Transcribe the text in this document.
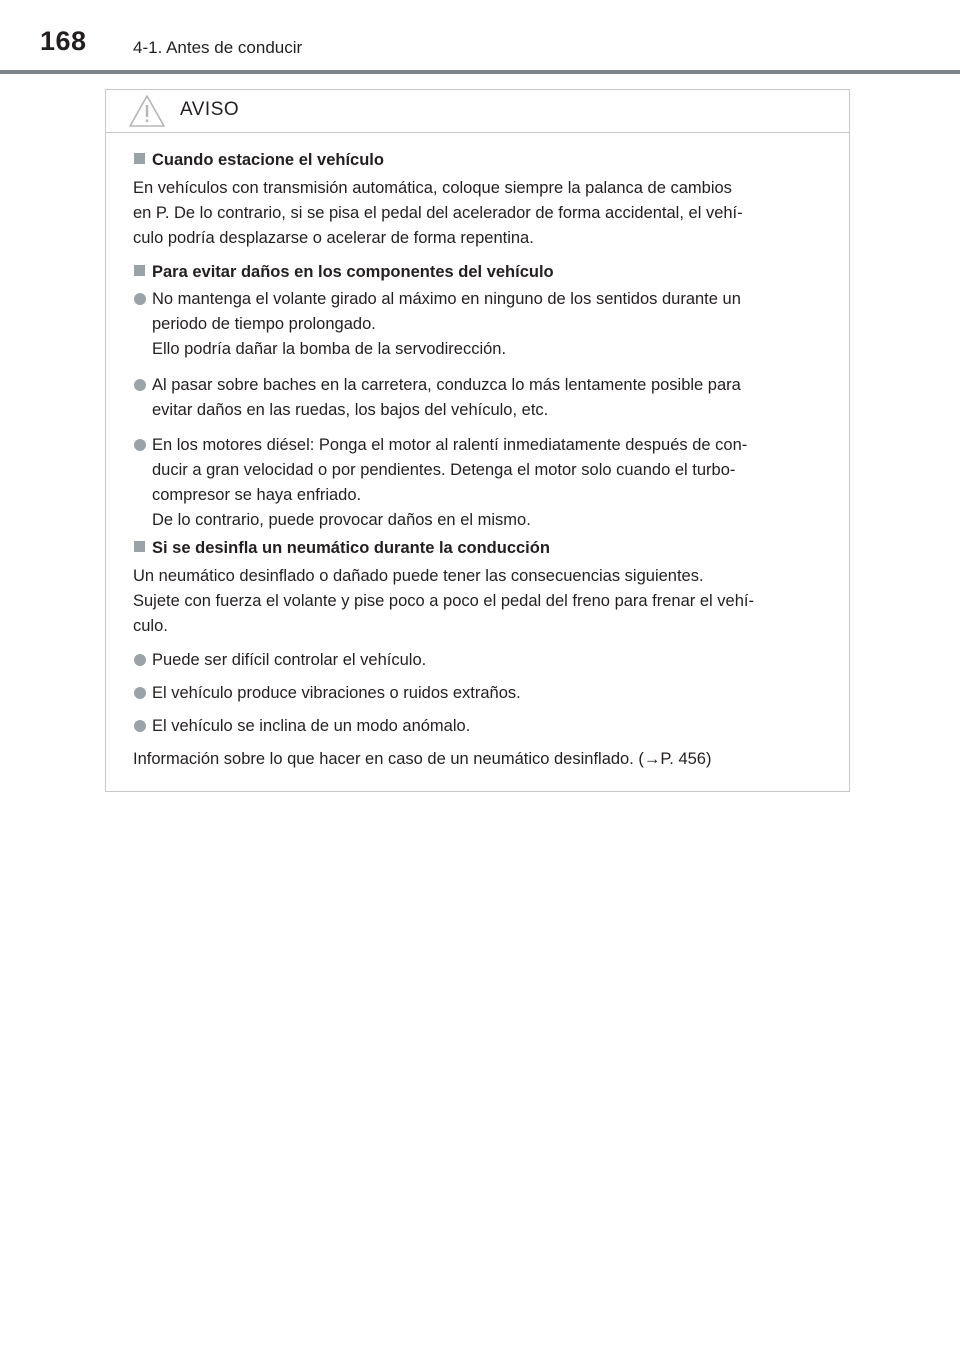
168	4-1. Antes de conducir
AVISO
Cuando estacione el vehículo
En vehículos con transmisión automática, coloque siempre la palanca de cambios
en P. De lo contrario, si se pisa el pedal del acelerador de forma accidental, el vehí-
culo podría desplazarse o acelerar de forma repentina.
Para evitar daños en los componentes del vehículo
No mantenga el volante girado al máximo en ninguno de los sentidos durante un
periodo de tiempo prolongado.
Ello podría dañar la bomba de la servodirección.
Al pasar sobre baches en la carretera, conduzca lo más lentamente posible para
evitar daños en las ruedas, los bajos del vehículo, etc.
En los motores diésel: Ponga el motor al ralentí inmediatamente después de con-
ducir a gran velocidad o por pendientes. Detenga el motor solo cuando el turbo-
compresor se haya enfriado.
De lo contrario, puede provocar daños en el mismo.
Si se desinfla un neumático durante la conducción
Un neumático desinflado o dañado puede tener las consecuencias siguientes.
Sujete con fuerza el volante y pise poco a poco el pedal del freno para frenar el vehí-
culo.
Puede ser difícil controlar el vehículo.
El vehículo produce vibraciones o ruidos extraños.
El vehículo se inclina de un modo anómalo.
Información sobre lo que hacer en caso de un neumático desinflado. (→P. 456)
